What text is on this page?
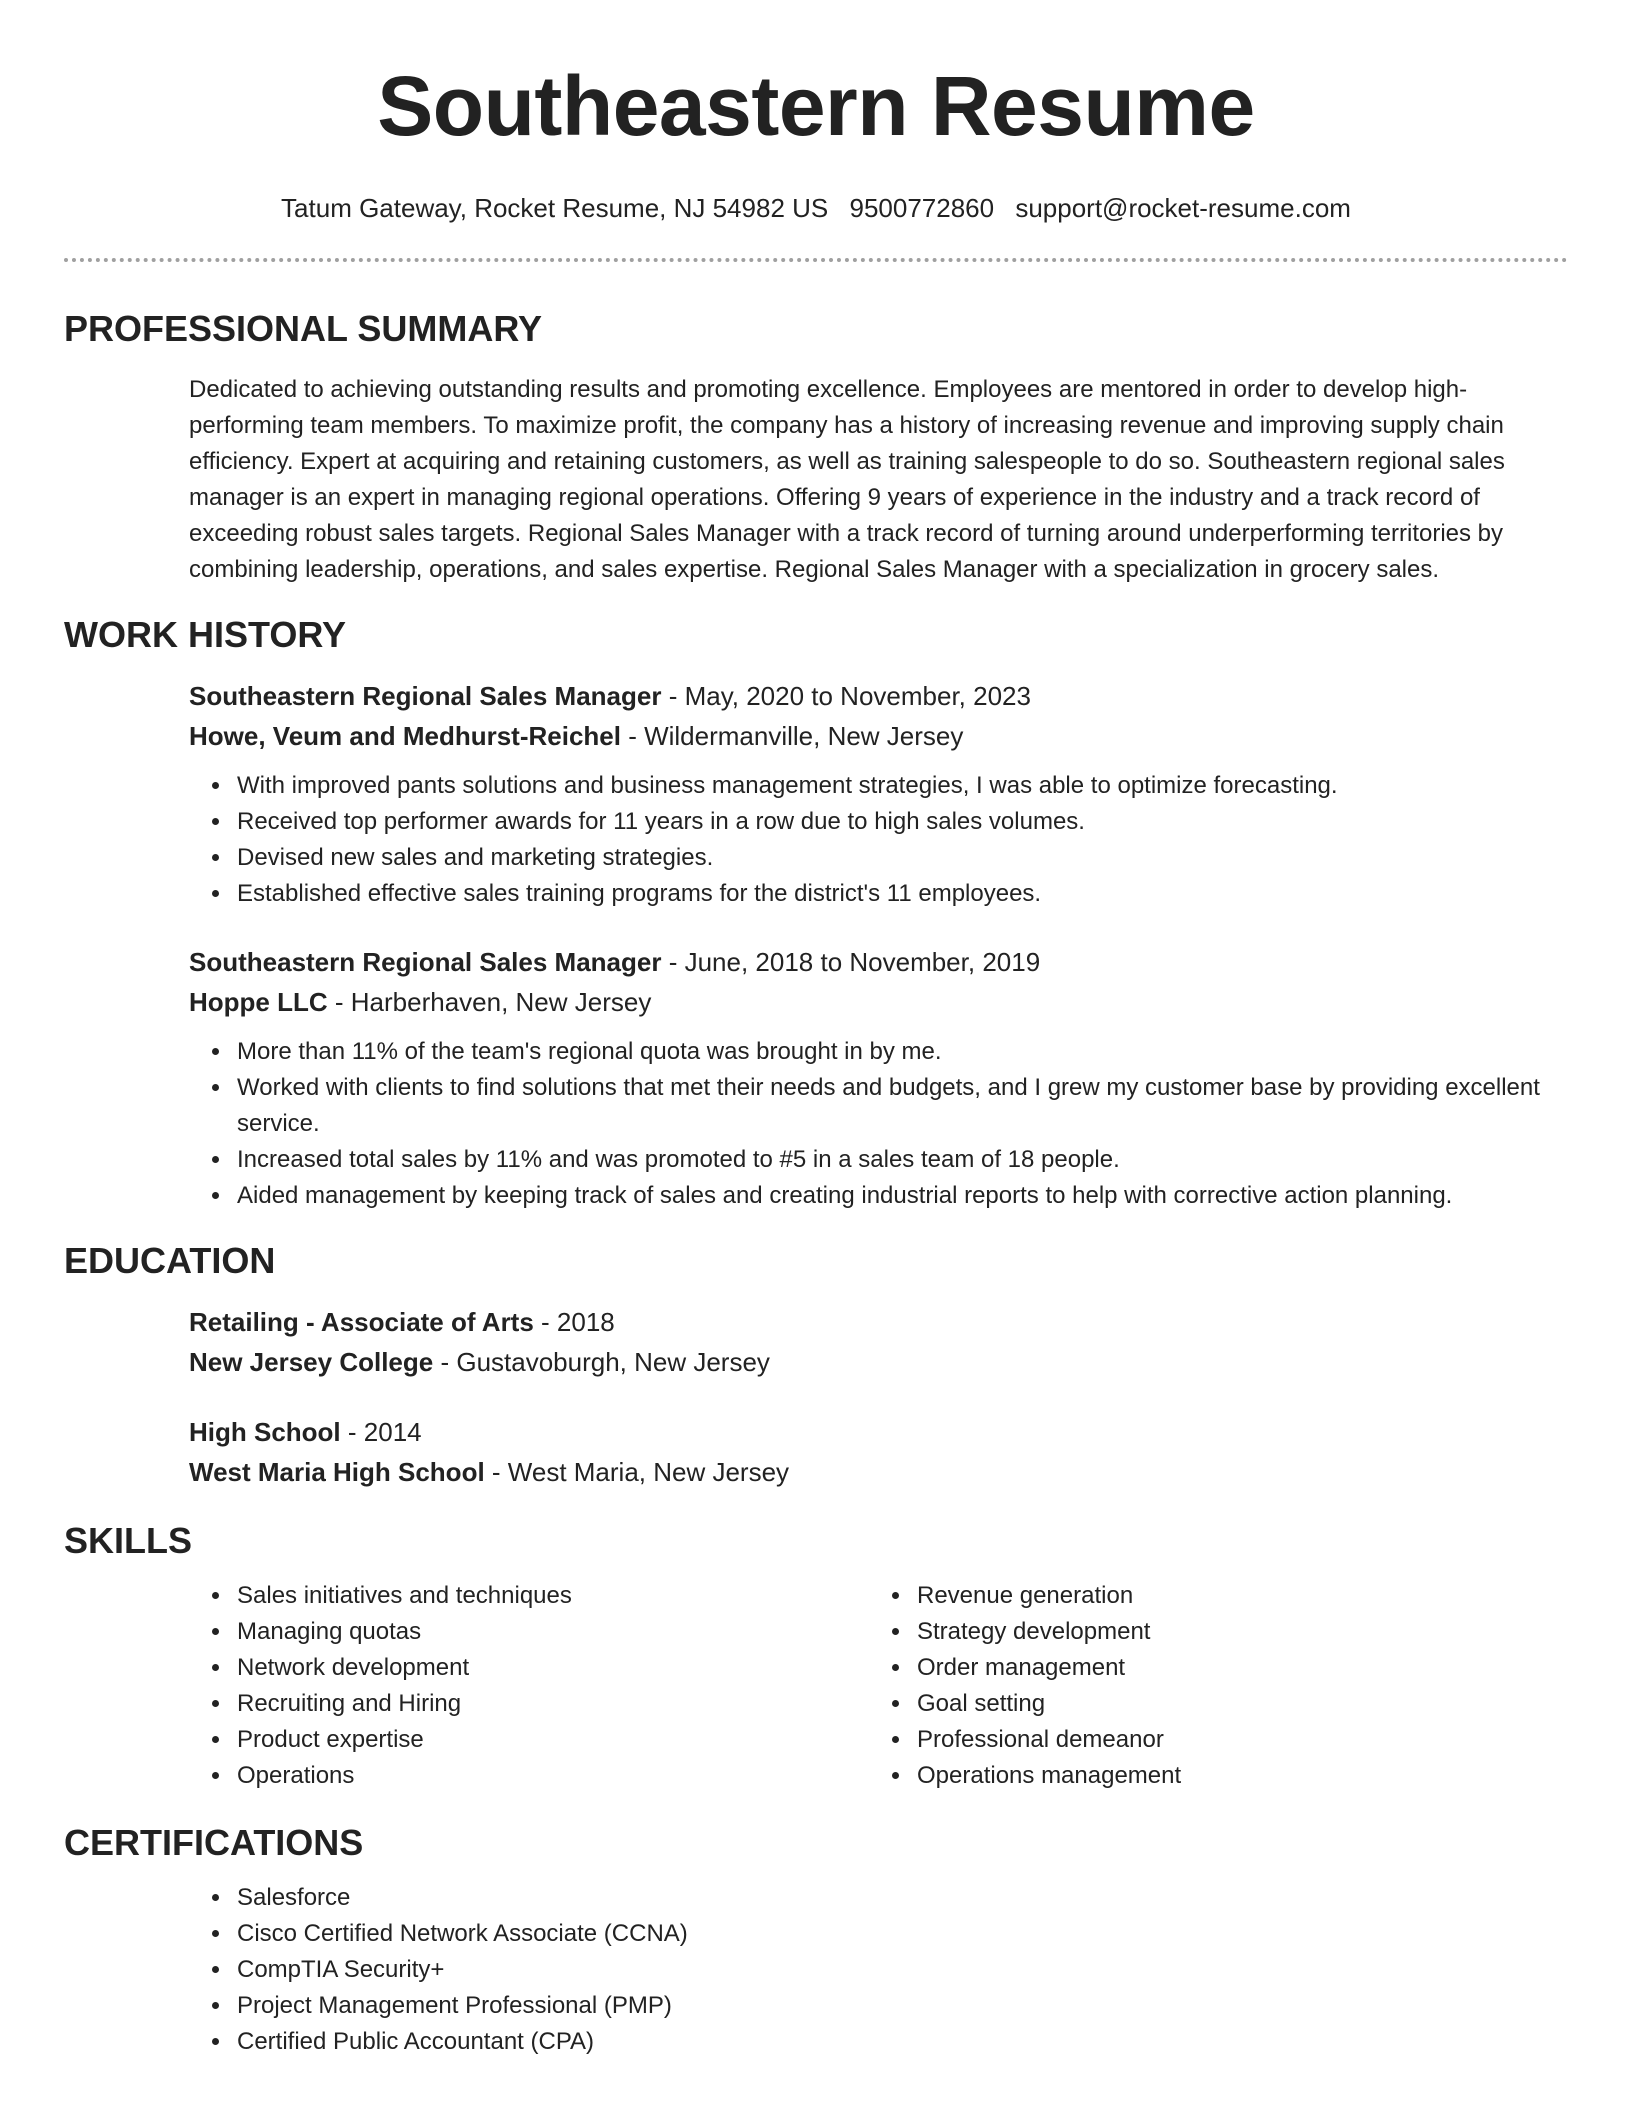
Southeastern Resume
Tatum Gateway, Rocket Resume, NJ 54982 US 9500772860 support@rocket-resume.com
PROFESSIONAL SUMMARY
Dedicated to achieving outstanding results and promoting excellence. Employees are mentored in order to develop high-performing team members. To maximize profit, the company has a history of increasing revenue and improving supply chain efficiency. Expert at acquiring and retaining customers, as well as training salespeople to do so. Southeastern regional sales manager is an expert in managing regional operations. Offering 9 years of experience in the industry and a track record of exceeding robust sales targets. Regional Sales Manager with a track record of turning around underperforming territories by combining leadership, operations, and sales expertise. Regional Sales Manager with a specialization in grocery sales.
WORK HISTORY
Southeastern Regional Sales Manager - May, 2020 to November, 2023
Howe, Veum and Medhurst-Reichel - Wildermanville, New Jersey
• With improved pants solutions and business management strategies, I was able to optimize forecasting.
• Received top performer awards for 11 years in a row due to high sales volumes.
• Devised new sales and marketing strategies.
• Established effective sales training programs for the district's 11 employees.
Southeastern Regional Sales Manager - June, 2018 to November, 2019
Hoppe LLC - Harberhaven, New Jersey
• More than 11% of the team's regional quota was brought in by me.
• Worked with clients to find solutions that met their needs and budgets, and I grew my customer base by providing excellent service.
• Increased total sales by 11% and was promoted to #5 in a sales team of 18 people.
• Aided management by keeping track of sales and creating industrial reports to help with corrective action planning.
EDUCATION
Retailing - Associate of Arts - 2018
New Jersey College - Gustavoburgh, New Jersey
High School - 2014
West Maria High School - West Maria, New Jersey
SKILLS
• Sales initiatives and techniques
• Managing quotas
• Network development
• Recruiting and Hiring
• Product expertise
• Operations
• Revenue generation
• Strategy development
• Order management
• Goal setting
• Professional demeanor
• Operations management
CERTIFICATIONS
• Salesforce
• Cisco Certified Network Associate (CCNA)
• CompTIA Security+
• Project Management Professional (PMP)
• Certified Public Accountant (CPA)
